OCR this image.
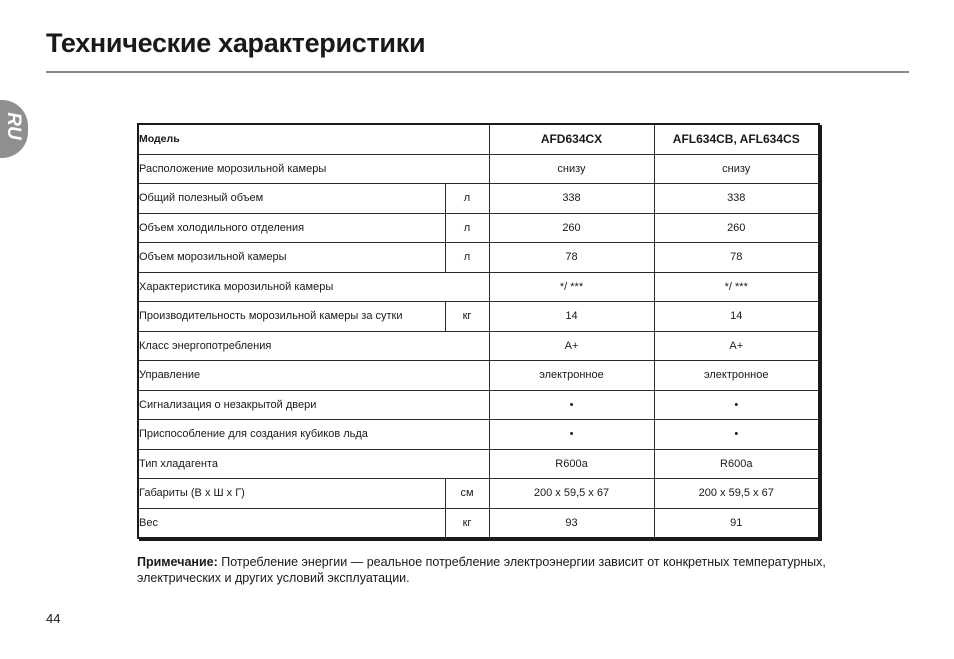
Технические характеристики
RU	Модель		AFD634CX	AFL634CB, AFL634CS
Расположение морозильной камеры		снизу	снизу
Общий полезный объем	л	338	338
Объем холодильного отделения	л	260	260
Объем морозильной камеры	л	78	78
Характеристика морозильной камеры		*/ ***	*/ ***
Производительность морозильной камеры за сутки	кг	14	14
Класс энергопотребления		A+	A+
Управление		электронное	электронное
Сигнализация о незакрытой двери		•	•
Приспособление для создания кубиков льда		•	•
Тип хладагента		R600a	R600a
Габариты (В х Ш х Г)	см	200 х 59,5 х 67	200 х 59,5 х 67
Вес	кг	93	91
Примечание: Потребление энергии — реальное потребление электроэнергии зависит от конкретных температурных, электрических и других условий эксплуатации.
44
